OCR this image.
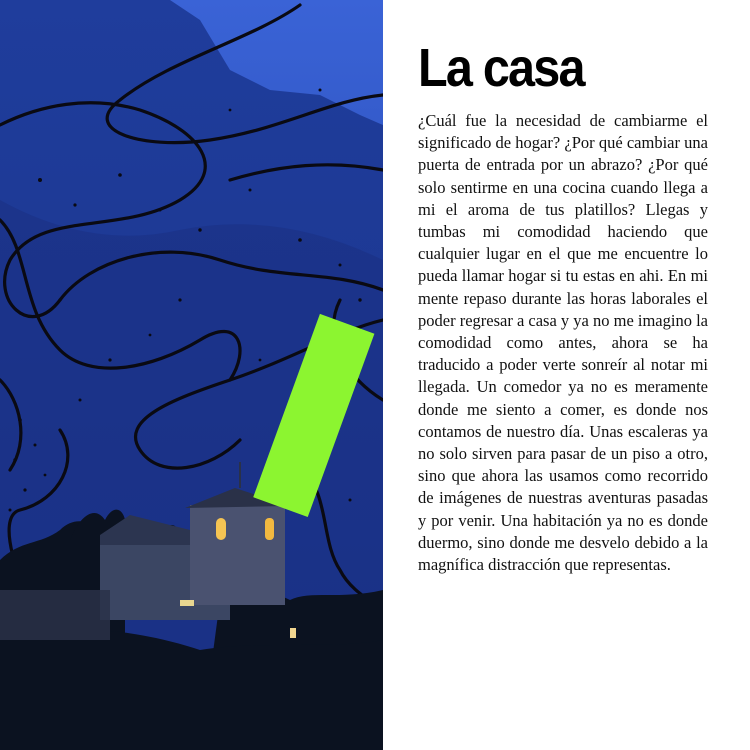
La casa

¿Cuál fue la necesidad de cambiarme el significado de hogar? ¿Por qué cambiar una puerta de entrada por un abrazo? ¿Por qué solo sentirme en una cocina cuando llega a mi el aroma de tus platillos? Llegas y tumbas mi comodidad haciendo que cualquier lugar en el que me encuentre lo pueda llamar hogar si tu estas en ahi. En mi mente repaso durante las horas laborales el poder regresar a casa y ya no me imagino la comodidad como antes, ahora se ha traducido a poder verte sonreír al notar mi llegada. Un comedor ya no es meramente donde me siento a comer, es donde nos contamos de nuestro día. Unas escaleras ya no solo sirven para pasar de un piso a otro, sino que ahora las usamos como recorrido de imágenes de nuestras aventuras pasadas y por venir. Una habitación ya no es donde duermo, sino donde me desvelo debido a la magnífica distracción que representas.
